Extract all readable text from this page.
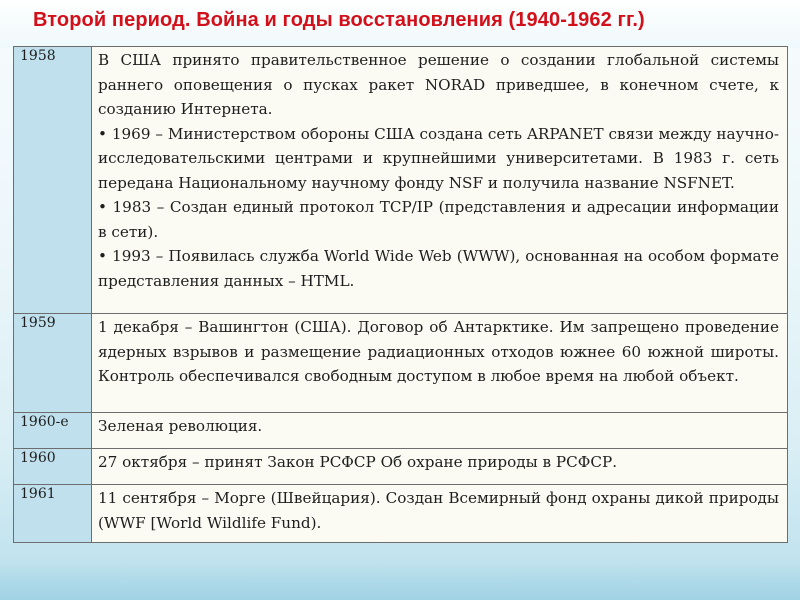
Второй период. Война и годы восстановления (1940-1962 гг.)
1958	В США принято правительственное решение о создании глобальной системы раннего оповещения о пусках ракет NORAD приведшее, в конечном счете, к созданию Интернета.

• 1969 – Министерством обороны США создана сеть ARPANET связи между научно-исследовательскими центрами и крупнейшими университетами. В 1983 г. сеть передана Национальному научному фонду NSF и получила название NSFNET.

• 1983 – Создан единый протокол TCP/IP (представления и адресации информации в сети).

• 1993 – Появилась служба World Wide Web (WWW), основанная на особом формате представления данных – HTML.

1959	1 декабря – Вашингтон (США). Договор об Антарктике. Им запрещено проведение ядерных взрывов и размещение радиационных отходов южнее 60 южной широты. Контроль обеспечивался свободным доступом в любое время на любой объект.

1960-е	Зеленая революция.

1960	27 октября – принят Закон РСФСР Об охране природы в РСФСР.

1961	11 сентября – Морге (Швейцария). Создан Всемирный фонд охраны дикой природы (WWF [World Wildlife Fund).
